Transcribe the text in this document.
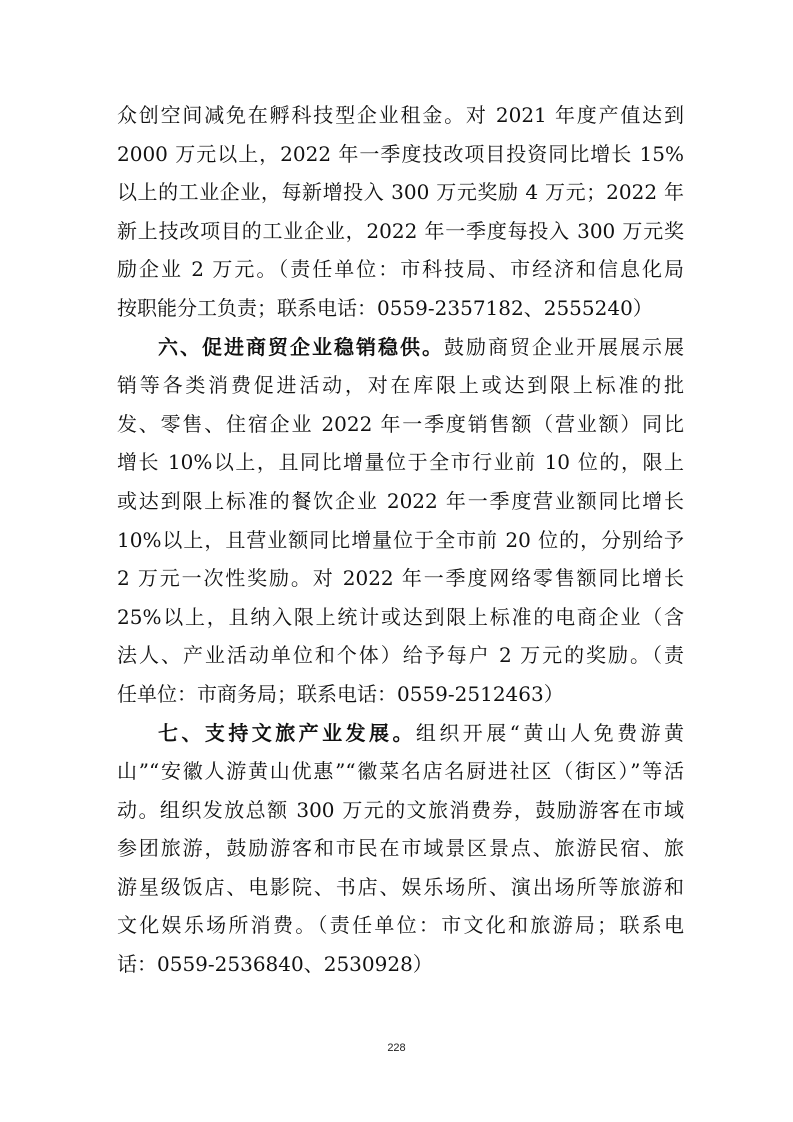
众创空间减免在孵科技型企业租金。对 2021 年度产值达到
2000 万元以上，2022 年一季度技改项目投资同比增长 15%
以上的工业企业，每新增投入 300 万元奖励 4 万元；2022 年
新上技改项目的工业企业，2022 年一季度每投入 300 万元奖
励企业 2 万元。（责任单位：市科技局、市经济和信息化局
按职能分工负责；联系电话：0559-2357182、2555240）
六、促进商贸企业稳销稳供。鼓励商贸企业开展展示展
销等各类消费促进活动，对在库限上或达到限上标准的批
发、零售、住宿企业 2022 年一季度销售额（营业额）同比
增长 10%以上，且同比增量位于全市行业前 10 位的，限上
或达到限上标准的餐饮企业 2022 年一季度营业额同比增长
10%以上，且营业额同比增量位于全市前 20 位的，分别给予
2 万元一次性奖励。对 2022 年一季度网络零售额同比增长
25%以上，且纳入限上统计或达到限上标准的电商企业（含
法人、产业活动单位和个体）给予每户 2 万元的奖励。（责
任单位：市商务局；联系电话：0559-2512463）
七、支持文旅产业发展。组织开展“黄山人免费游黄
山”“安徽人游黄山优惠”“徽菜名店名厨进社区（街区）”等活
动。组织发放总额 300 万元的文旅消费券，鼓励游客在市域
参团旅游，鼓励游客和市民在市域景区景点、旅游民宿、旅
游星级饭店、电影院、书店、娱乐场所、演出场所等旅游和
文化娱乐场所消费。（责任单位：市文化和旅游局；联系电
话：0559-2536840、2530928）
228
